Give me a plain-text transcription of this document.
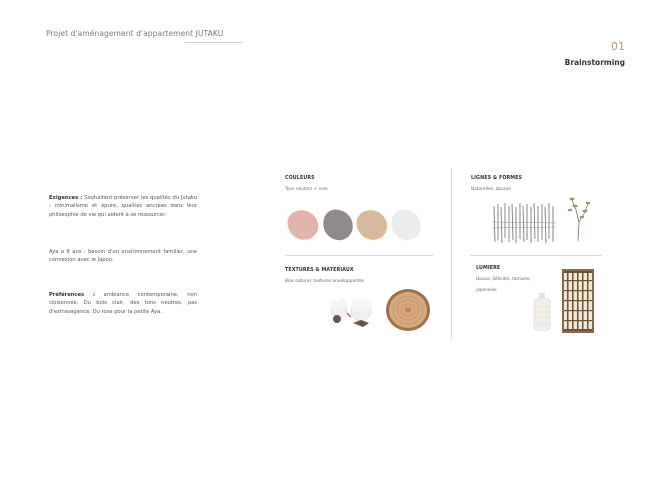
Projet d'aménagement d'appartement JUTAKU
01
Brainstorming
Exigences : Souhaitent préserver les qualités du Jutaku : minimalisme et épure, qualités ancrées dans leur philosophie de vie qui aident à se ressourcer.
Aya a 8 ans : besoin d'un environnement familier, une connexion avec le Japon.
Préférences : ambiance contemporaine, non cloisonnée. Du bois clair, des tons neutres, pas d'extravagance. Du rose pour la petite Aya.
COULEURS
Tons neutres + rose
LIGNES & FORMES
Naturelles, douces
TEXTURES & MATERIAUX
Bois naturel, textures enveloppantes
LUMIERE
Douce, délicate, tamisée,
japonaise
